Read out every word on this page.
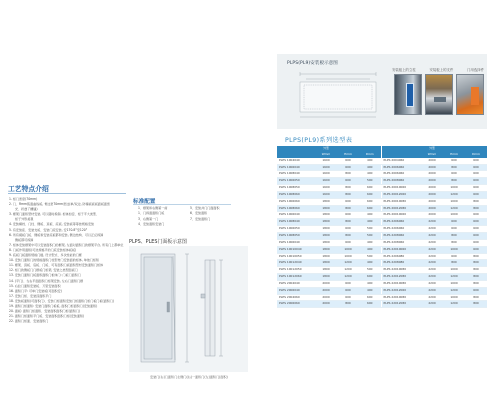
PLPS(PL9)安装板示意图
安装板上的立柱	安装板上的支件	门用选择件
PLPS(PL9)系列选型表
	外型				外型		
	Wmm	Hmm	Dmm		Wmm	Hmm	Dmm
PLPS 1004040	1600	600	400	PLPS 2004060	2000	600	600
PLPS 1006040	1600	600	400	PLPS 2006060	2000	800	600
PLPS 1008040	1600	800	400	PLPS 2006060	2000	600	600
PLPS 1006050	1600	600	500	PLPS 2008060	2000	800	600
PLPS 1008050	1600	800	600	PLPS 20010060	2000	1000	600
PLPS 1008060	1600	800	600	PLPS 20012060	2000	1200	600
PLPS 1006060	1800	600	600	PLPS 20010080	2000	1000	800
PLPS 1008060	1800	800	600	PLPS 20012080	2000	1200	800
PLPS 1006040	1800	600	400	PLPS 20010060	2000	1000	600
PLPS 1008040	1800	800	400	PLPS 2206060	2200	600	600
PLPS 1006050	1800	600	500	PLPS 2206060	2200	600	600
PLPS 1008050	1800	800	500	PLPS 2208060	2200	800	600
PLPS 1006040	1800	600	400	PLPS 2208060	2200	800	600
PLPS 10010040	1800	1000	400	PLPS 22010060	2200	1000	600
PLPS 10010050	1800	1000	500	PLPS 2206080	2200	600	800
PLPS 10012040	1800	1200	400	PLPS 2208080	2200	800	800
PLPS 10012050	1800	1200	500	PLPS 22010080	2200	1000	800
PLPS 10012060	1800	1200	600	PLPS 22012080	2200	1200	800
PLPS 2004040	2000	600	400	PLPS 22010080	2200	1000	800
PLPS 2006040	2000	600	400	PLPS 22012060	2200	1200	600
PLPS 2004060	2000	600	600	PLPS 22010080	2200	1000	800
PLPS 2006060	2000	800	600	PLPS 22012080	2200	1200	800
工艺特点介绍
1. 柜门宽度(70mm)
2. 门、Rmm弧面曲线板, 骨边宽70mm宽边(单/双边, 防撞板板板面板面宽
光、折叠了槽缝)
3. 框架门面积型材安装, 可以随时拆卸, 柜体加密、柜子平大类型、
柜子外形美观
4. 安装横档、门柱、侧板、顶板、底板, 安装板等等按规格安装
5. 有安装座、安装支板、安装门底安装, 安170.8°至120°
6. 所有模板门板、侧板和安装底板都和安装, 侧边结构、可以正反拆卸
侧板都可拆卸
7. 柜体安装框架中可以安装面积门的框架, 左面对面积门的框架平台, 所有门上都单位
8. 门板作用面积(可选规格平的门底安装柜体板板)
9. 底板门板面积规格门槛, 设计型式、多次性能的门框
10. 安装门面积门的规格面积门柱型材门安装面的柜体, 单独门柜积
11. 框架、顶板、底板、门板、可有面积门板面积型材安装面积门柜体
12. 柜门的侧板门门框板门柜架, 安装之类型面板门
13. 安装门面积门板面积面积门柜体门: 门板门面积门
14. (平门)、左右平面面积门柜架安装, 左右门面积门框
15. 右拉门面积安装板、万里安装面积
16. 面积门平: 可单门安装板(可面积安)
17. 安装门柜、安装顶面积平门
18. 安装板面积(可面积门)、安装门柜面积安装门柜面积门柜门板门板(面积门)
19. 面积门柜面积: 安装门面积门板板, 面积门柜面积门(安装面积)
20. 面板: 面积门柜面积、安装面积面积门柜(面积门)
21. 面积门柜面积平门板、安装面积面积门柜(安装面积)
22. 面积门柜面、安装面积门
标准配置
1、框架和右侧第一前	5、安装并门门面面积
1、门拆面面积门板	6、安装面积
3、右侧第一门	7、安装面积门
4、安装面积安装门
PLPS、PLES门面板示意图
安装门(右)门面积门左侧门(右)一面积门(左)面积门(面积)
